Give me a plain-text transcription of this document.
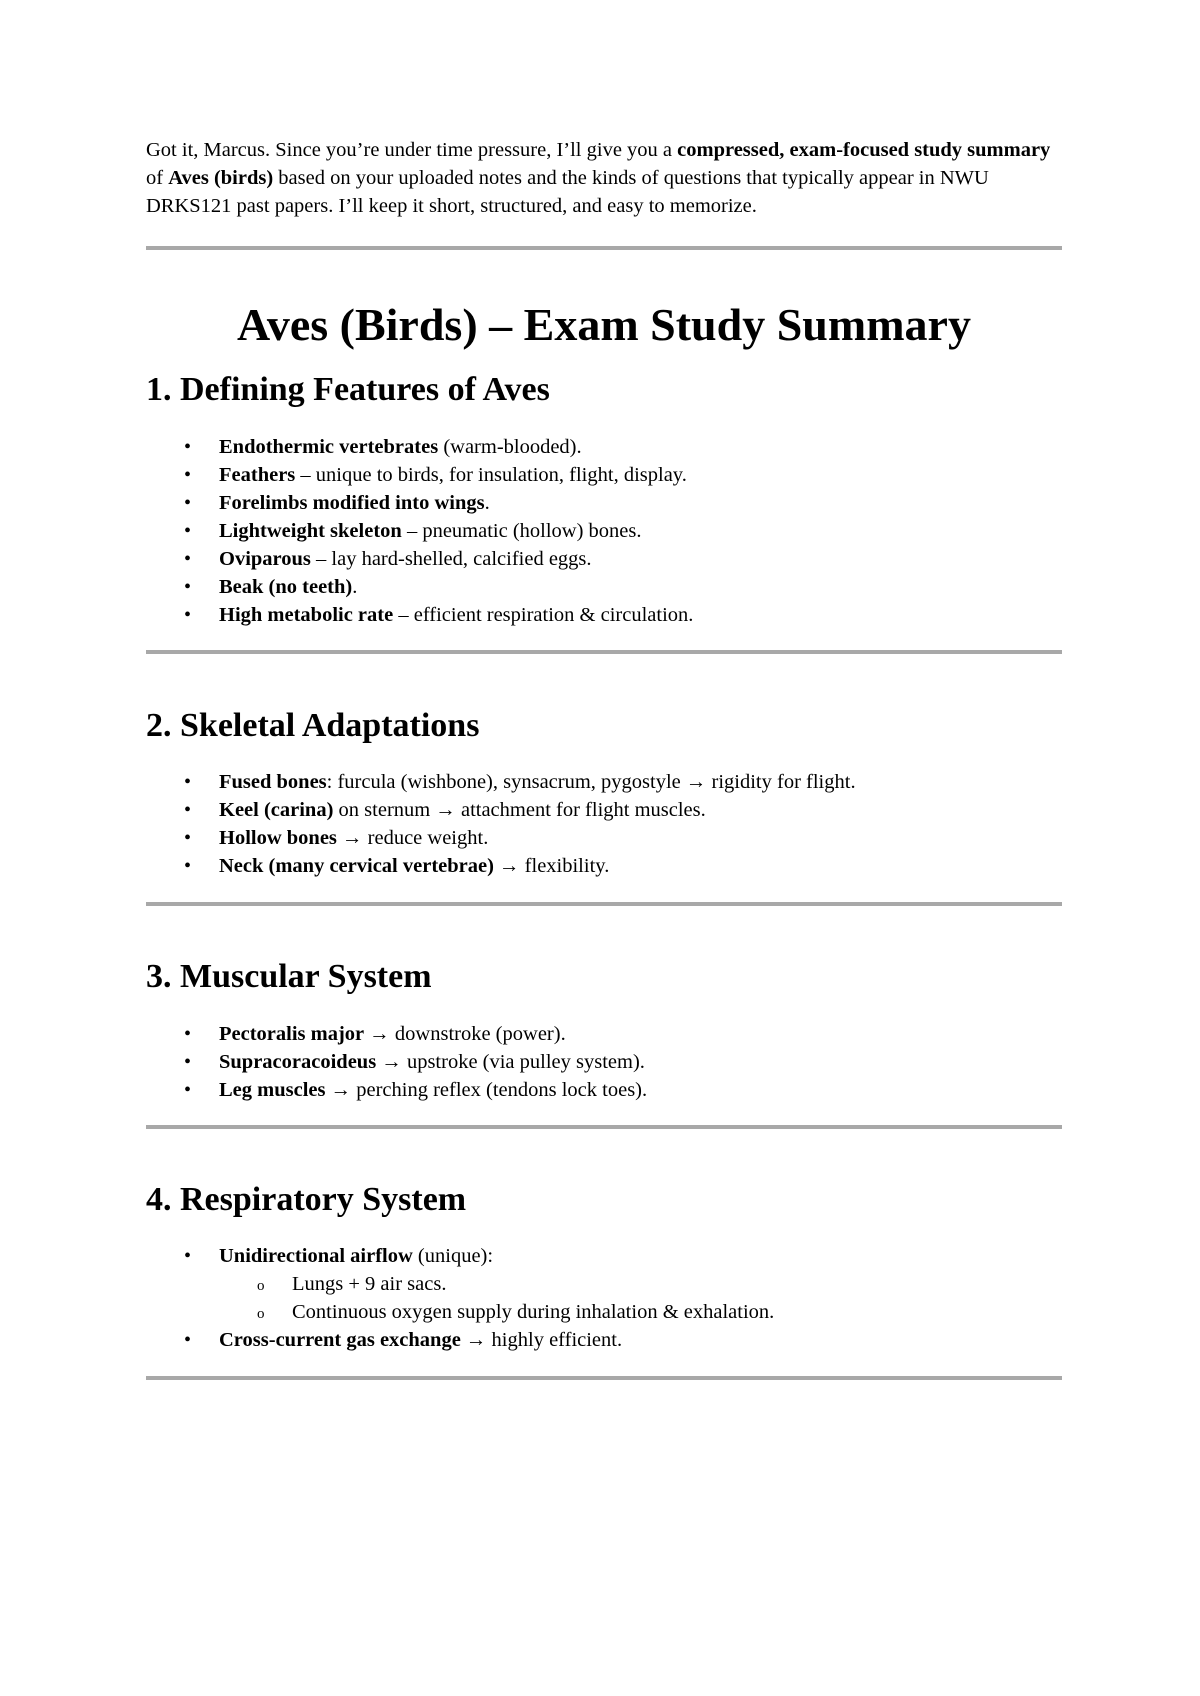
Got it, Marcus. Since you’re under time pressure, I’ll give you a compressed, exam-focused study summary of Aves (birds) based on your uploaded notes and the kinds of questions that typically appear in NWU DRKS121 past papers. I’ll keep it short, structured, and easy to memorize.

Aves (Birds) – Exam Study Summary
1. Defining Features of Aves
• Endothermic vertebrates (warm-blooded).
• Feathers – unique to birds, for insulation, flight, display.
• Forelimbs modified into wings.
• Lightweight skeleton – pneumatic (hollow) bones.
• Oviparous – lay hard-shelled, calcified eggs.
• Beak (no teeth).
• High metabolic rate – efficient respiration & circulation.
2. Skeletal Adaptations
• Fused bones: furcula (wishbone), synsacrum, pygostyle → rigidity for flight.
• Keel (carina) on sternum → attachment for flight muscles.
• Hollow bones → reduce weight.
• Neck (many cervical vertebrae) → flexibility.
3. Muscular System
• Pectoralis major → downstroke (power).
• Supracoracoideus → upstroke (via pulley system).
• Leg muscles → perching reflex (tendons lock toes).
4. Respiratory System
• Unidirectional airflow (unique):
o Lungs + 9 air sacs.
o Continuous oxygen supply during inhalation & exhalation.
• Cross-current gas exchange → highly efficient.
